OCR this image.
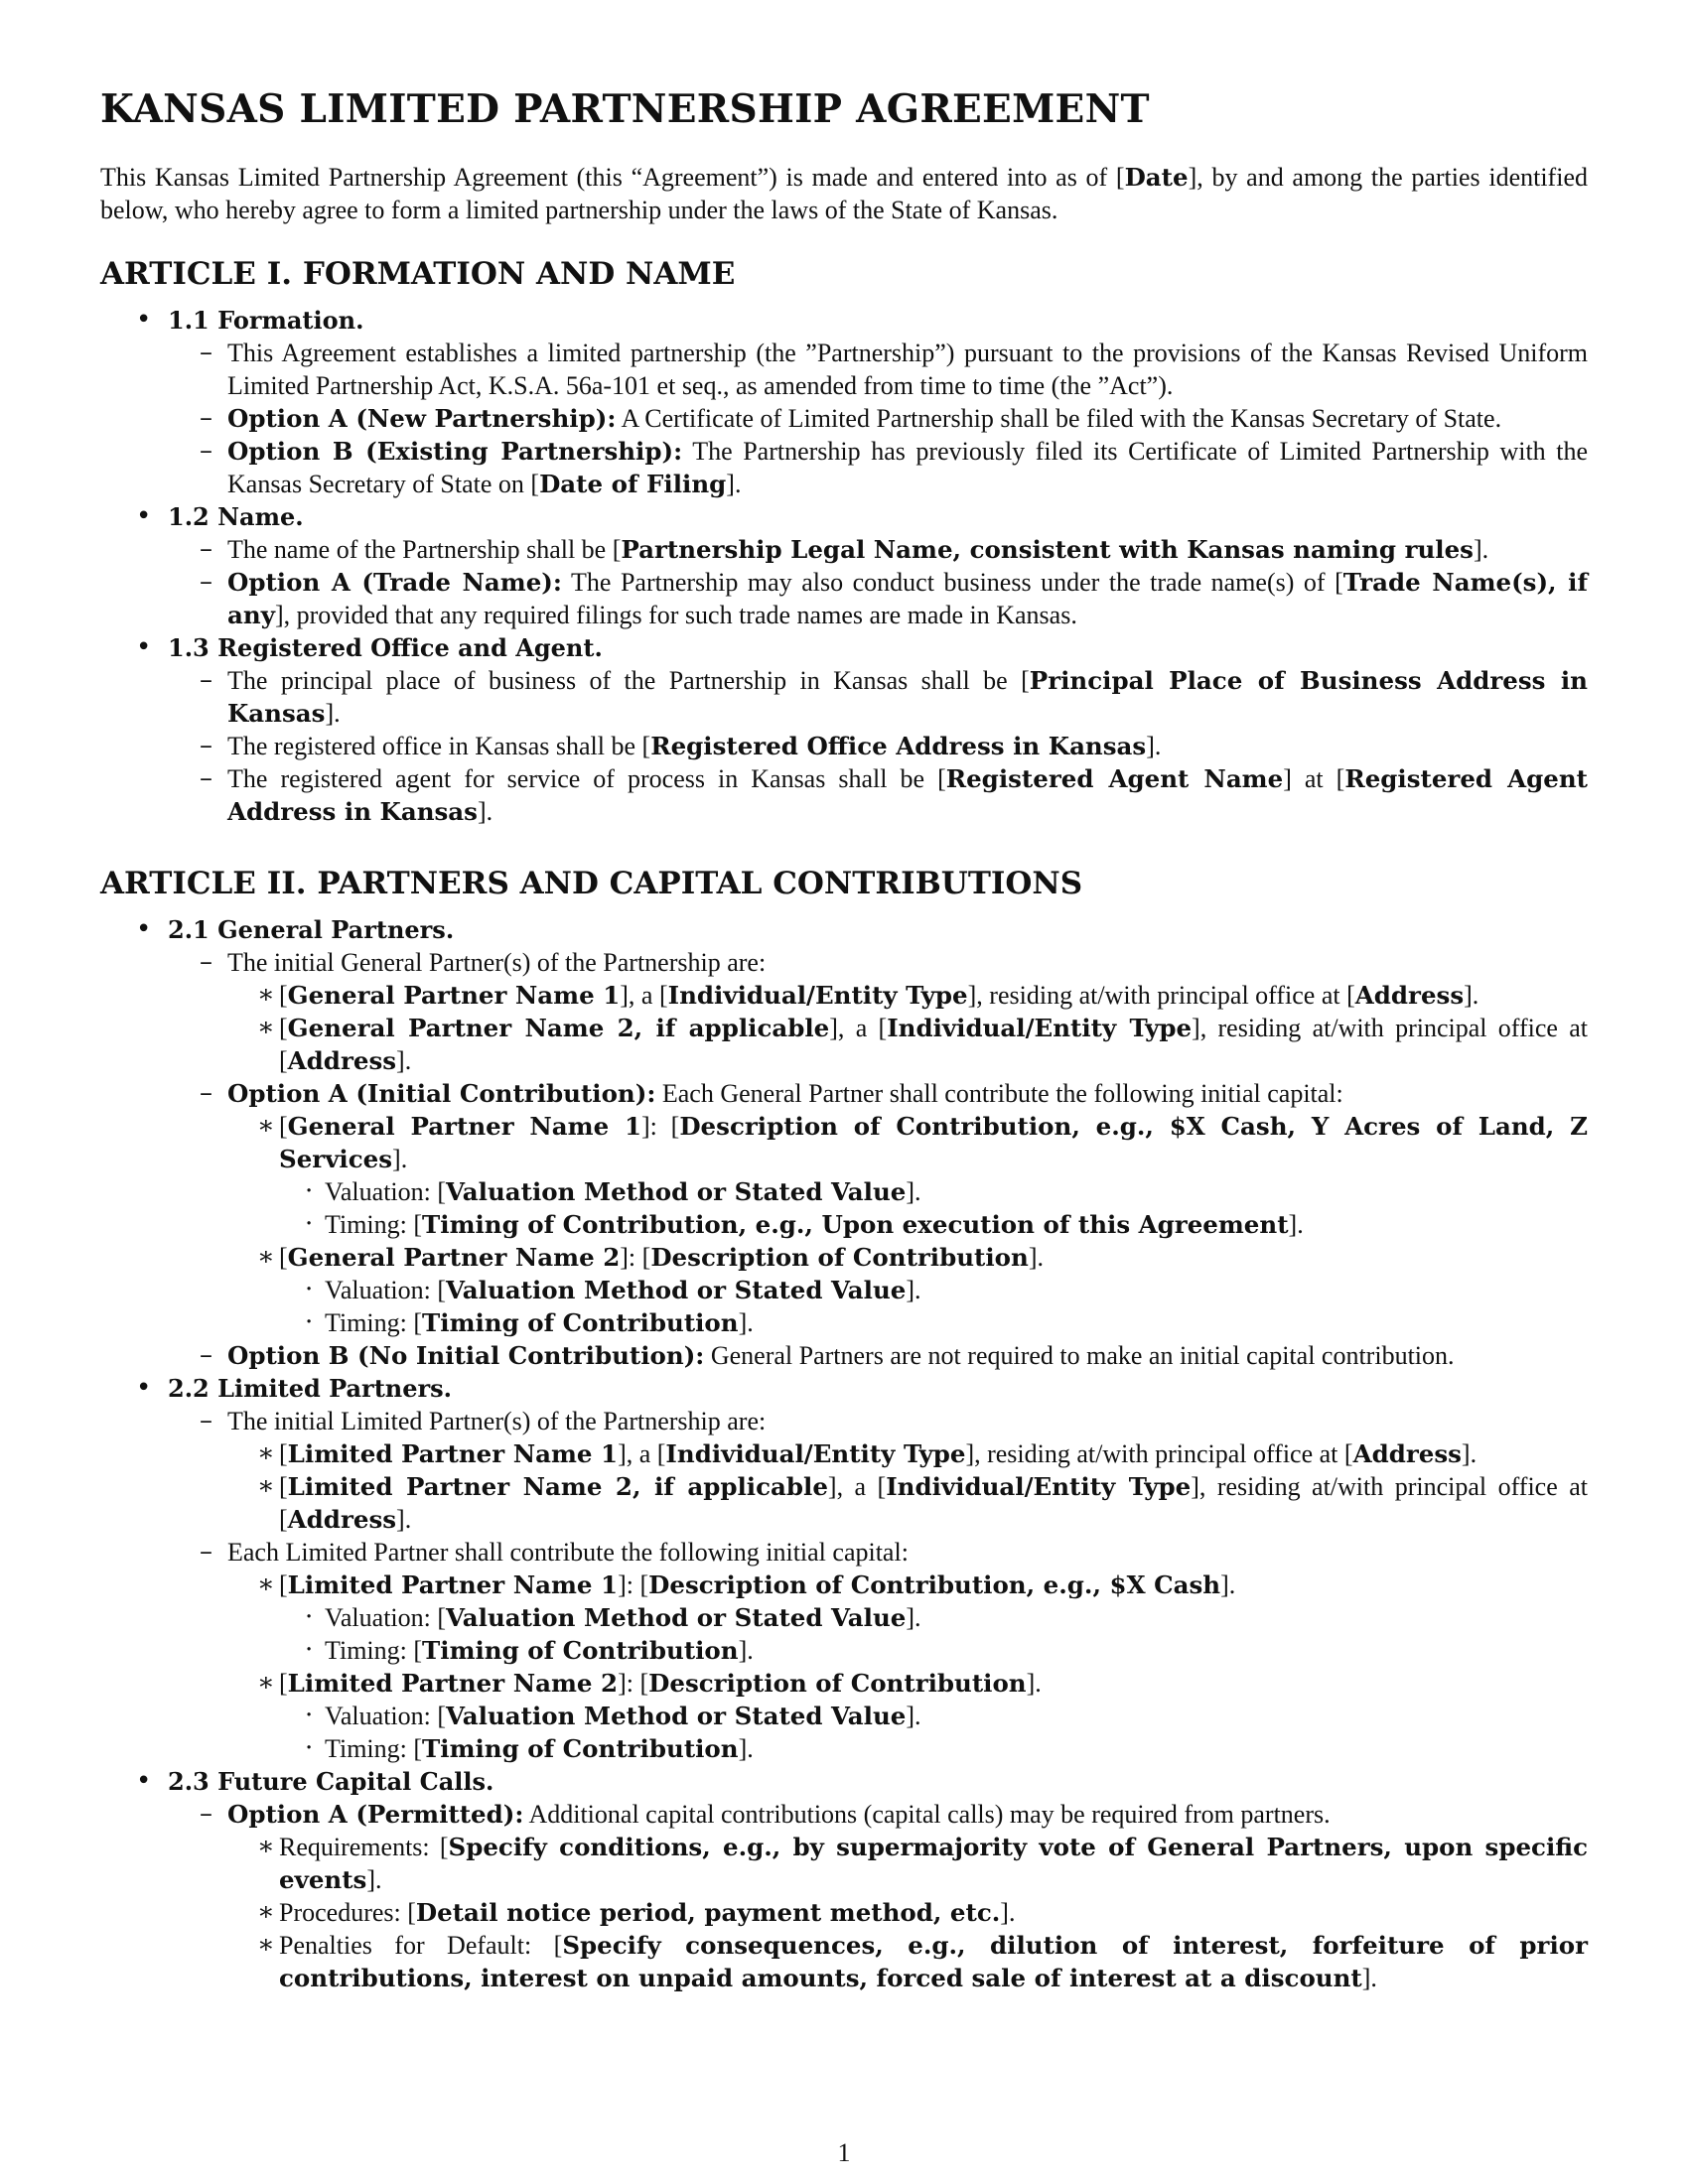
KANSAS LIMITED PARTNERSHIP AGREEMENT

This Kansas Limited Partnership Agreement (this “Agreement”) is made and entered into as of [Date], by and among the parties identified below, who hereby agree to form a limited partnership under the laws of the State of Kansas.

ARTICLE I. FORMATION AND NAME
• 1.1 Formation.
– This Agreement establishes a limited partnership (the ”Partnership”) pursuant to the provisions of the Kansas Revised Uniform Limited Partnership Act, K.S.A. 56a-101 et seq., as amended from time to time (the ”Act”).
– Option A (New Partnership): A Certificate of Limited Partnership shall be filed with the Kansas Secretary of State.
– Option B (Existing Partnership): The Partnership has previously filed its Certificate of Limited Partnership with the Kansas Secretary of State on [Date of Filing].
• 1.2 Name.
– The name of the Partnership shall be [Partnership Legal Name, consistent with Kansas naming rules].
– Option A (Trade Name): The Partnership may also conduct business under the trade name(s) of [Trade Name(s), if any], provided that any required filings for such trade names are made in Kansas.
• 1.3 Registered Office and Agent.
– The principal place of business of the Partnership in Kansas shall be [Principal Place of Business Address in Kansas].
– The registered office in Kansas shall be [Registered Office Address in Kansas].
– The registered agent for service of process in Kansas shall be [Registered Agent Name] at [Registered Agent Address in Kansas].
ARTICLE II. PARTNERS AND CAPITAL CONTRIBUTIONS
• 2.1 General Partners.
– The initial General Partner(s) of the Partnership are:
∗ [General Partner Name 1], a [Individual/Entity Type], residing at/with principal office at [Address].
∗ [General Partner Name 2, if applicable], a [Individual/Entity Type], residing at/with principal office at [Address].
– Option A (Initial Contribution): Each General Partner shall contribute the following initial capital:
∗ [General Partner Name 1]: [Description of Contribution, e.g., $X Cash, Y Acres of Land, Z Services].
· Valuation: [Valuation Method or Stated Value].
· Timing: [Timing of Contribution, e.g., Upon execution of this Agreement].
∗ [General Partner Name 2]: [Description of Contribution].
· Valuation: [Valuation Method or Stated Value].
· Timing: [Timing of Contribution].
– Option B (No Initial Contribution): General Partners are not required to make an initial capital contribution.
• 2.2 Limited Partners.
– The initial Limited Partner(s) of the Partnership are:
∗ [Limited Partner Name 1], a [Individual/Entity Type], residing at/with principal office at [Address].
∗ [Limited Partner Name 2, if applicable], a [Individual/Entity Type], residing at/with principal office at [Address].
– Each Limited Partner shall contribute the following initial capital:
∗ [Limited Partner Name 1]: [Description of Contribution, e.g., $X Cash].
· Valuation: [Valuation Method or Stated Value].
· Timing: [Timing of Contribution].
∗ [Limited Partner Name 2]: [Description of Contribution].
· Valuation: [Valuation Method or Stated Value].
· Timing: [Timing of Contribution].
• 2.3 Future Capital Calls.
– Option A (Permitted): Additional capital contributions (capital calls) may be required from partners.
∗ Requirements: [Specify conditions, e.g., by supermajority vote of General Partners, upon specific events].
∗ Procedures: [Detail notice period, payment method, etc.].
∗ Penalties for Default: [Specify consequences, e.g., dilution of interest, forfeiture of prior contributions, interest on unpaid amounts, forced sale of interest at a discount].
1
